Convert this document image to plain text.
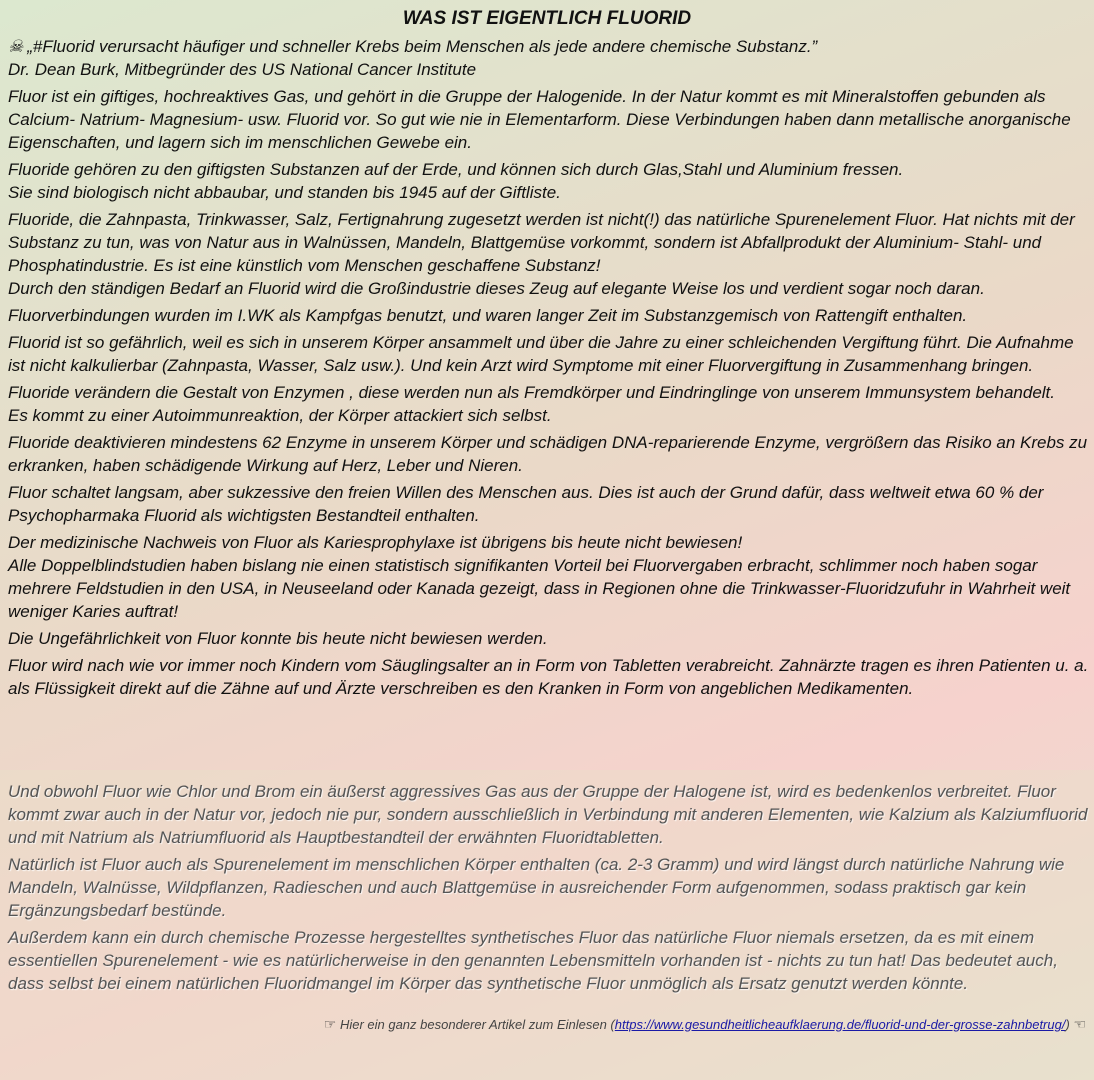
WAS IST EIGENTLICH FLUORID

☠ „#Fluorid verursacht häufiger und schneller Krebs beim Menschen als jede andere chemische Substanz.”
Dr. Dean Burk, Mitbegründer des US National Cancer Institute

Fluor ist ein giftiges, hochreaktives Gas, und gehört in die Gruppe der Halogenide. In der Natur kommt es mit Mineralstoffen gebunden als Calcium- Natrium- Magnesium- usw. Fluorid vor. So gut wie nie in Elementarform. Diese Verbindungen haben dann metallische anorganische Eigenschaften, und lagern sich im menschlichen Gewebe ein.

Fluoride gehören zu den giftigsten Substanzen auf der Erde, und können sich durch Glas,Stahl und Aluminium fressen.
Sie sind biologisch nicht abbaubar, und standen bis 1945 auf der Giftliste.

Fluoride, die Zahnpasta, Trinkwasser, Salz, Fertignahrung zugesetzt werden ist nicht(!) das natürliche Spurenelement Fluor. Hat nichts mit der Substanz zu tun, was von Natur aus in Walnüssen, Mandeln, Blattgemüse vorkommt, sondern ist Abfallprodukt der Aluminium- Stahl- und Phosphatindustrie. Es ist eine künstlich vom Menschen geschaffene Substanz!
Durch den ständigen Bedarf an Fluorid wird die Großindustrie dieses Zeug auf elegante Weise los und verdient sogar noch daran.

Fluorverbindungen wurden im I.WK als Kampfgas benutzt, und waren langer Zeit im Substanzgemisch von Rattengift enthalten.

Fluorid ist so gefährlich, weil es sich in unserem Körper ansammelt und über die Jahre zu einer schleichenden Vergiftung führt. Die Aufnahme ist nicht kalkulierbar (Zahnpasta, Wasser, Salz usw.). Und kein Arzt wird Symptome mit einer Fluorvergiftung in Zusammenhang bringen.

Fluoride verändern die Gestalt von Enzymen , diese werden nun als Fremdkörper und Eindringlinge von unserem Immunsystem behandelt.
Es kommt zu einer Autoimmunreaktion, der Körper attackiert sich selbst.

Fluoride deaktivieren mindestens 62 Enzyme in unserem Körper und schädigen DNA-reparierende Enzyme, vergrößern das Risiko an Krebs zu erkranken, haben schädigende Wirkung auf Herz, Leber und Nieren.

Fluor schaltet langsam, aber sukzessive den freien Willen des Menschen aus. Dies ist auch der Grund dafür, dass weltweit etwa 60 % der Psychopharmaka Fluorid als wichtigsten Bestandteil enthalten.

Der medizinische Nachweis von Fluor als Kariesprophylaxe ist übrigens bis heute nicht bewiesen!
Alle Doppelblindstudien haben bislang nie einen statistisch signifikanten Vorteil bei Fluorvergaben erbracht, schlimmer noch haben sogar mehrere Feldstudien in den USA, in Neuseeland oder Kanada gezeigt, dass in Regionen ohne die Trinkwasser-Fluoridzufuhr in Wahrheit weit weniger Karies auftrat!

Die Ungefährlichkeit von Fluor konnte bis heute nicht bewiesen werden.

Fluor wird nach wie vor immer noch Kindern vom Säuglingsalter an in Form von Tabletten verabreicht. Zahnärzte tragen es ihren Patienten u. a. als Flüssigkeit direkt auf die Zähne auf und Ärzte verschreiben es den Kranken in Form von angeblichen Medikamenten.

Und obwohl Fluor wie Chlor und Brom ein äußerst aggressives Gas aus der Gruppe der Halogene ist, wird es bedenkenlos verbreitet. Fluor kommt zwar auch in der Natur vor, jedoch nie pur, sondern ausschließlich in Verbindung mit anderen Elementen, wie Kalzium als Kalziumfluorid und mit Natrium als Natriumfluorid als Hauptbestandteil der erwähnten Fluoridtabletten.

Natürlich ist Fluor auch als Spurenelement im menschlichen Körper enthalten (ca. 2-3 Gramm) und wird längst durch natürliche Nahrung wie Mandeln, Walnüsse, Wildpflanzen, Radieschen und auch Blattgemüse in ausreichender Form aufgenommen, sodass praktisch gar kein Ergänzungsbedarf bestünde.

Außerdem kann ein durch chemische Prozesse hergestelltes synthetisches Fluor das natürliche Fluor niemals ersetzen, da es mit einem essentiellen Spurenelement - wie es natürlicherweise in den genannten Lebensmitteln vorhanden ist - nichts zu tun hat! Das bedeutet auch, dass selbst bei einem natürlichen Fluoridmangel im Körper das synthetische Fluor unmöglich als Ersatz genutzt werden könnte.

☞ Hier ein ganz besonderer Artikel zum Einlesen (https://www.gesundheitlicheaufklaerung.de/fluorid-und-der-grosse-zahnbetrug/) ☜
